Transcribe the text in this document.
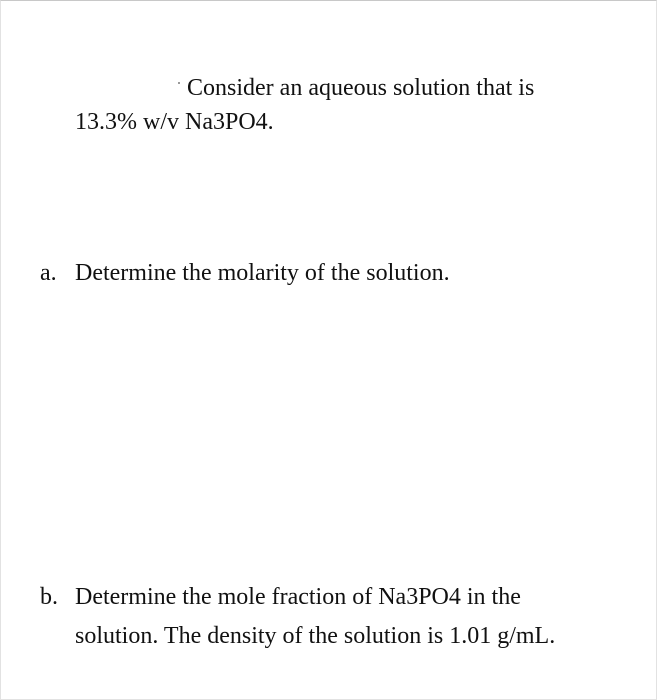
Consider an aqueous solution that is
13.3% w/v Na3PO4.
a. Determine the molarity of the solution.
b. Determine the mole fraction of Na3PO4 in the
solution. The density of the solution is 1.01 g/mL.
